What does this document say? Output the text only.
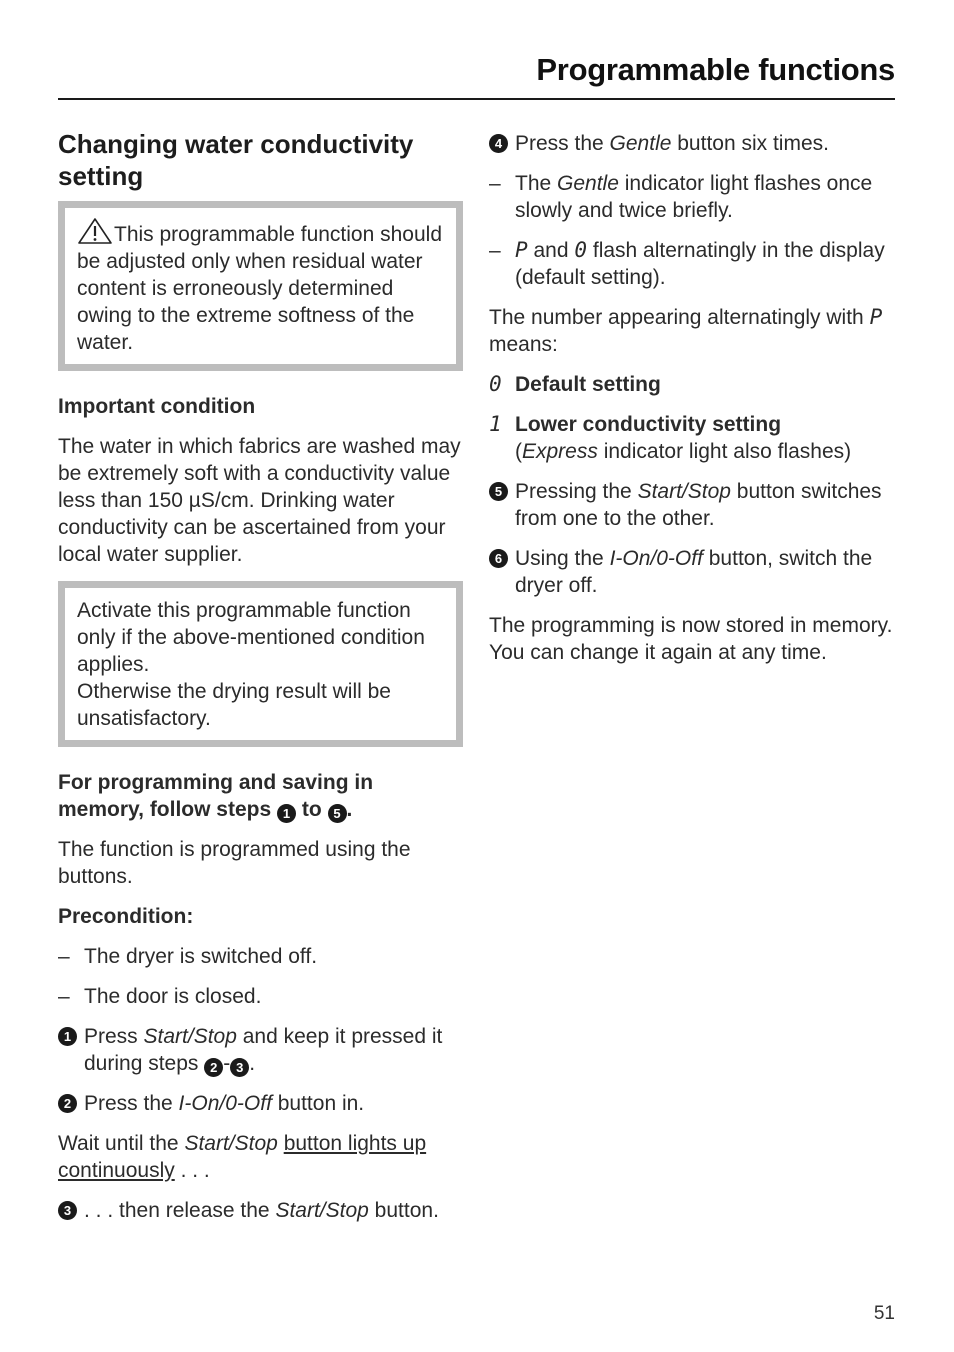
Programmable functions
Changing water conductivity setting

This programmable function should be adjusted only when residual water content is erroneously determined owing to the extreme softness of the water.

Important condition

The water in which fabrics are washed may be extremely soft with a conductivity value less than 150 µS/cm. Drinking water conductivity can be ascertained from your local water supplier.

Activate this programmable function only if the above-mentioned condition applies.

Otherwise the drying result will be unsatisfactory.

For programming and saving in memory, follow steps 1 to 5 .

The function is programmed using the buttons.

Precondition:

– The dryer is switched off.
– The door is closed.
1 Press Start/Stop and keep it pressed it during steps 2 - 3 .
2 Press the I-On/0-Off button in.

Wait until the Start/Stop button lights up continuously . . .

3 . . . then release the Start/Stop button.
4 Press the Gentle button six times.
– The Gentle indicator light flashes once slowly and twice briefly.
– P and 0 flash alternatingly in the display (default setting).

The number appearing alternatingly with P means:

0 Default setting
1 Lower conductivity setting
(Express indicator light also flashes)
5 Pressing the Start/Stop button switches from one to the other.
6 Using the I-On/0-Off button, switch the dryer off.

The programming is now stored in memory. You can change it again at any time.

51
